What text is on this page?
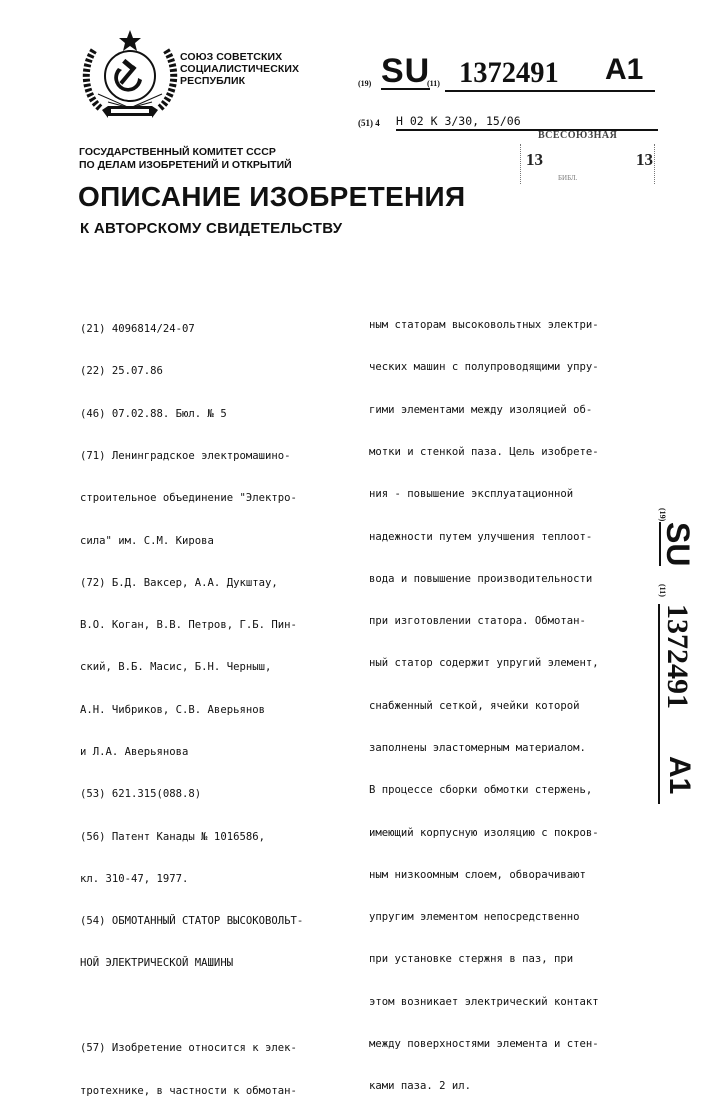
СОЮЗ СОВЕТСКИХ
СОЦИАЛИСТИЧЕСКИХ
РЕСПУБЛИК	(19) SU
(11) 1372491 A1
(51) 4 H 02 K 3/30, 15/06
ВСЕСОЮЗНАЯ
13	13
БИБЛ.
ГОСУДАРСТВЕННЫЙ КОМИТЕТ СССР
ПО ДЕЛАМ ИЗОБРЕТЕНИЙ И ОТКРЫТИЙ
ОПИСАНИЕ ИЗОБРЕТЕНИЯ
К АВТОРСКОМУ СВИДЕТЕЛЬСТВУ

(21) 4096814/24-07

(22) 25.07.86

(46) 07.02.88. Бюл. № 5

(71) Ленинградское электромашино-

строительное объединение "Электро-

сила" им. С.М. Кирова

(72) Б.Д. Ваксер, А.А. Дукштау,

В.О. Коган, В.В. Петров, Г.Б. Пин-

ский, В.Б. Масис, Б.Н. Черныш,

А.Н. Чибриков, С.В. Аверьянов

и Л.А. Аверьянова

(53) 621.315(088.8)

(56) Патент Канады № 1016586,

кл. 310-47, 1977.

(54) ОБМОТАННЫЙ СТАТОР ВЫСОКОВОЛЬТ-

НОЙ ЭЛЕКТРИЧЕСКОЙ МАШИНЫ

(57) Изобретение относится к элек-

тротехнике, в частности к обмотан-

ным статорам высоковольтных электри-

ческих машин с полупроводящими упру-

гими элементами между изоляцией об-

мотки и стенкой паза. Цель изобрете-

ния - повышение эксплуатационной

надежности путем улучшения теплоот-

вода и повышение производительности

при изготовлении статора. Обмотан-

ный статор содержит упругий элемент,

снабженный сеткой, ячейки которой

заполнены эластомерным материалом.

В процессе сборки обмотки стержень,

имеющий корпусную изоляцию с покров-

ным низкоомным слоем, обворачивают

упругим элементом непосредственно

при установке стержня в паз, при

этом возникает электрический контакт

между поверхностями элемента и стен-

ками паза. 2 ил.

(19)
SU
(11)
1372491
A1
